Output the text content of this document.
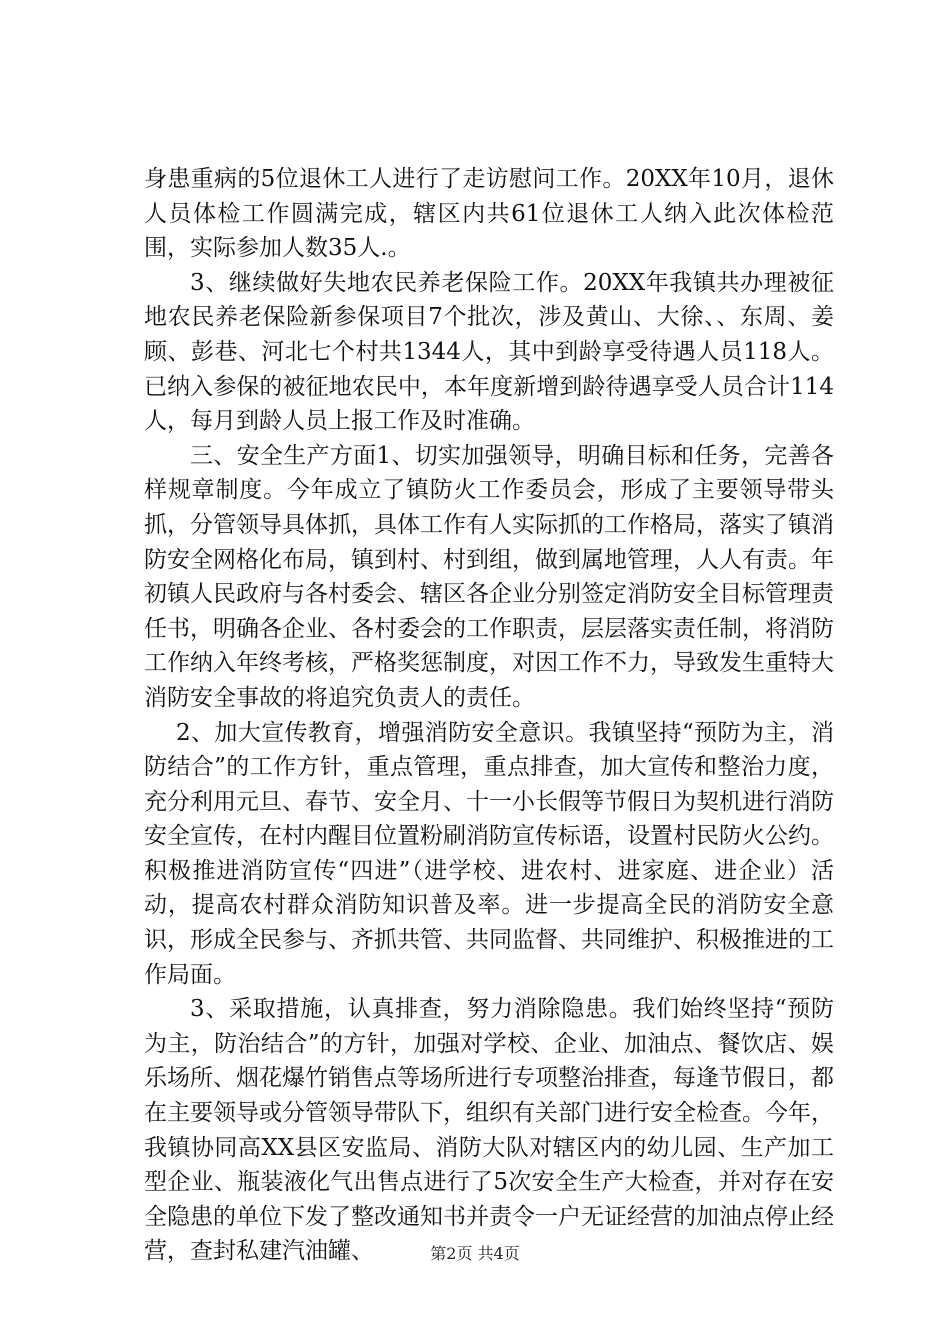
身患重病的5位退休工人进行了走访慰问工作。20XX年10月，退休人员体检工作圆满完成，辖区内共61位退休工人纳入此次体检范围，实际参加人数35人.。

3、继续做好失地农民养老保险工作。20XX年我镇共办理被征地农民养老保险新参保项目7个批次，涉及黄山、大徐、、东周、姜顾、彭巷、河北七个村共1344人，其中到龄享受待遇人员118人。已纳入参保的被征地农民中，本年度新增到龄待遇享受人员合计114人，每月到龄人员上报工作及时准确。

三、安全生产方面1、切实加强领导，明确目标和任务，完善各样规章制度。今年成立了镇防火工作委员会，形成了主要领导带头抓，分管领导具体抓，具体工作有人实际抓的工作格局，落实了镇消防安全网格化布局，镇到村、村到组，做到属地管理，人人有责。年初镇人民政府与各村委会、辖区各企业分别签定消防安全目标管理责任书，明确各企业、各村委会的工作职责，层层落实责任制，将消防工作纳入年终考核，严格奖惩制度，对因工作不力，导致发生重特大消防安全事故的将追究负责人的责任。

2、加大宣传教育，增强消防安全意识。我镇坚持“预防为主，消防结合”的工作方针，重点管理，重点排查，加大宣传和整治力度，充分利用元旦、春节、安全月、十一小长假等节假日为契机进行消防安全宣传，在村内醒目位置粉刷消防宣传标语，设置村民防火公约。积极推进消防宣传“四进”（进学校、进农村、进家庭、进企业）活动，提高农村群众消防知识普及率。进一步提高全民的消防安全意识，形成全民参与、齐抓共管、共同监督、共同维护、积极推进的工作局面。

3、采取措施，认真排查，努力消除隐患。我们始终坚持“预防为主，防治结合”的方针，加强对学校、企业、加油点、餐饮店、娱乐场所、烟花爆竹销售点等场所进行专项整治排查，每逢节假日，都在主要领导或分管领导带队下，组织有关部门进行安全检查。今年，我镇协同高XX县区安监局、消防大队对辖区内的幼儿园、生产加工型企业、瓶装液化气出售点进行了5次安全生产大检查，并对存在安全隐患的单位下发了整改通知书并责令一户无证经营的加油点停止经营，查封私建汽油罐、	第2页 共4页
